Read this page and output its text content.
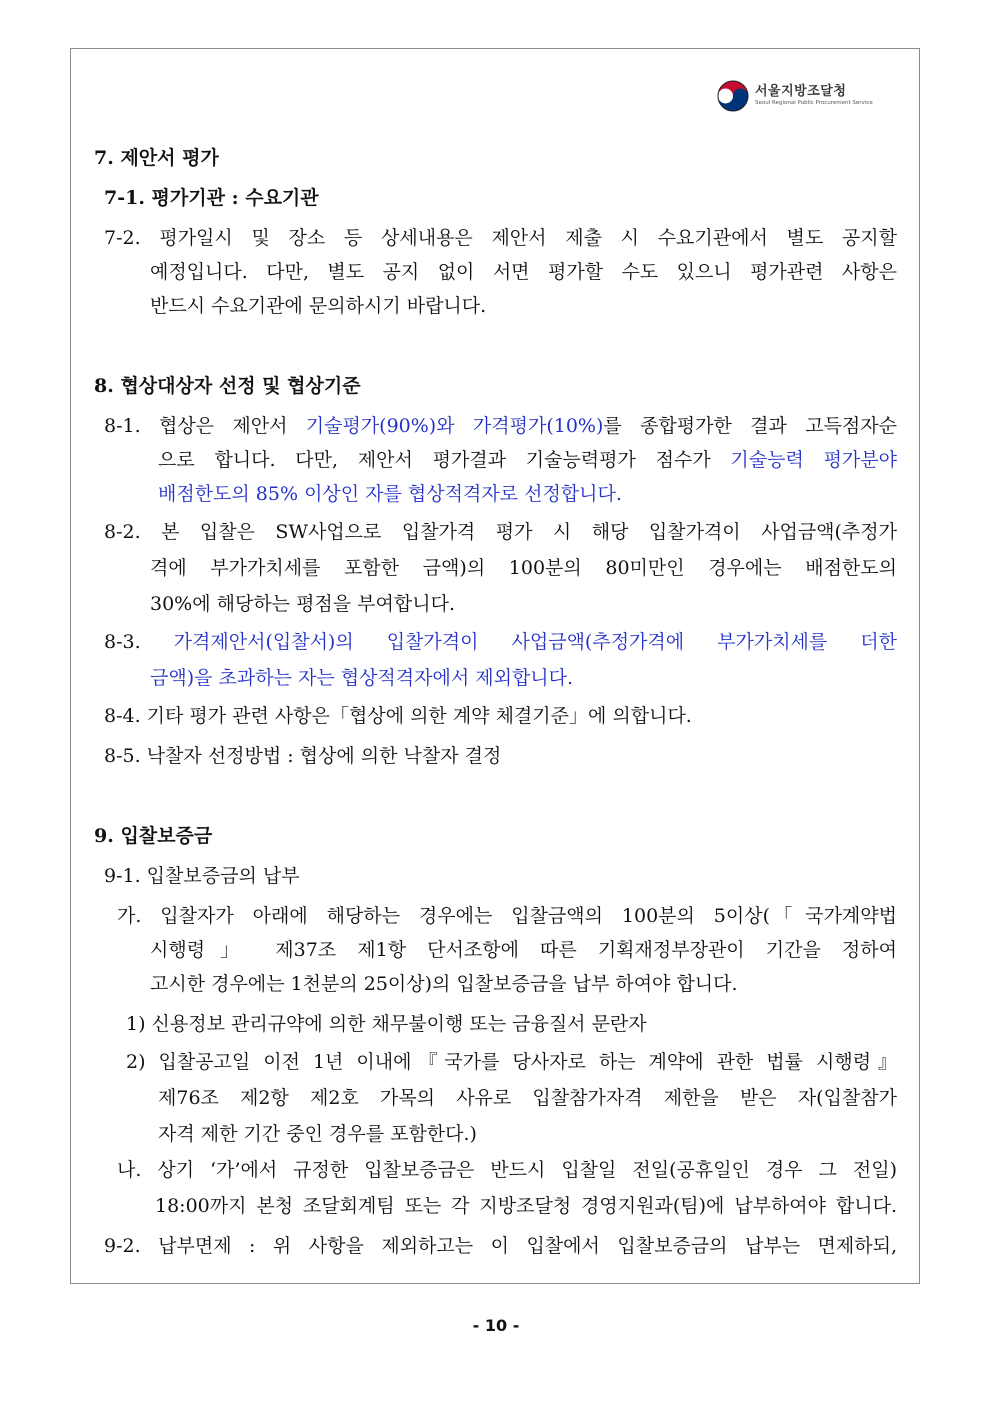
서울지방조달청
Seoul Regional Public Procurement Service
7. 제안서 평가
7-1. 평가기관 : 수요기관
7-2. 평가일시 및 장소 등 상세내용은 제안서 제출 시 수요기관에서 별도 공지할
예정입니다. 다만, 별도 공지 없이 서면 평가할 수도 있으니 평가관련 사항은
반드시 수요기관에 문의하시기 바랍니다.
8. 협상대상자 선정 및 협상기준
8-1. 협상은 제안서 기술평가(90%)와 가격평가(10%)를 종합평가한 결과 고득점자순
으로 합니다. 다만, 제안서 평가결과 기술능력평가 점수가 기술능력 평가분야
배점한도의 85% 이상인 자를 협상적격자로 선정합니다.
8-2. 본 입찰은 SW사업으로 입찰가격 평가 시 해당 입찰가격이 사업금액(추정가
격에 부가가치세를 포함한 금액)의 100분의 80미만인 경우에는 배점한도의
30%에 해당하는 평점을 부여합니다.
8-3. 가격제안서(입찰서)의 입찰가격이 사업금액(추정가격에 부가가치세를 더한
금액)을 초과하는 자는 협상적격자에서 제외합니다.
8-4. 기타 평가 관련 사항은「협상에 의한 계약 체결기준」에 의합니다.
8-5. 낙찰자 선정방법 : 협상에 의한 낙찰자 결정
9. 입찰보증금
9-1. 입찰보증금의 납부
가. 입찰자가 아래에 해당하는 경우에는 입찰금액의 100분의 5이상(「국가계약법
시행령」 제37조 제1항 단서조항에 따른 기획재정부장관이 기간을 정하여
고시한 경우에는 1천분의 25이상)의 입찰보증금을 납부 하여야 합니다.
1) 신용정보 관리규약에 의한 채무불이행 또는 금융질서 문란자
2) 입찰공고일 이전 1년 이내에『국가를 당사자로 하는 계약에 관한 법률 시행령』
제76조 제2항 제2호 가목의 사유로 입찰참가자격 제한을 받은 자(입찰참가
자격 제한 기간 중인 경우를 포함한다.)
나. 상기 ‘가’에서 규정한 입찰보증금은 반드시 입찰일 전일(공휴일인 경우 그 전일)
18:00까지 본청 조달회계팀 또는 각 지방조달청 경영지원과(팀)에 납부하여야 합니다.
9-2. 납부면제 : 위 사항을 제외하고는 이 입찰에서 입찰보증금의 납부는 면제하되,
- 10 -
